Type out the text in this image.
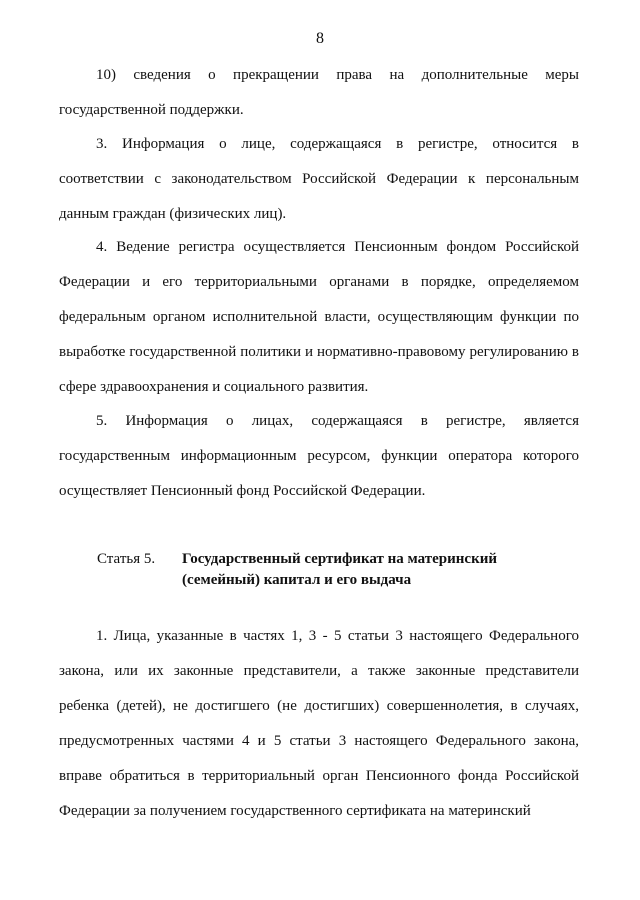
8
10) сведения о прекращении права на дополнительные меры государственной поддержки.
3. Информация о лице, содержащаяся в регистре, относится в соответствии с законодательством Российской Федерации к персональным данным граждан (физических лиц).
4. Ведение регистра осуществляется Пенсионным фондом Российской Федерации и его территориальными органами в порядке, определяемом федеральным органом исполнительной власти, осуществляющим функции по выработке государственной политики и нормативно-правовому регулированию в сфере здравоохранения и социального развития.
5. Информация о лицах, содержащаяся в регистре, является государственным информационным ресурсом, функции оператора которого осуществляет Пенсионный фонд Российской Федерации.
Статья 5. Государственный сертификат на материнский (семейный) капитал и его выдача
1. Лица, указанные в частях 1, 3 - 5 статьи 3 настоящего Федерального закона, или их законные представители, а также законные представители ребенка (детей), не достигшего (не достигших) совершеннолетия, в случаях, предусмотренных частями 4 и 5 статьи 3 настоящего Федерального закона, вправе обратиться в территориальный орган Пенсионного фонда Российской Федерации за получением государственного сертификата на материнский
